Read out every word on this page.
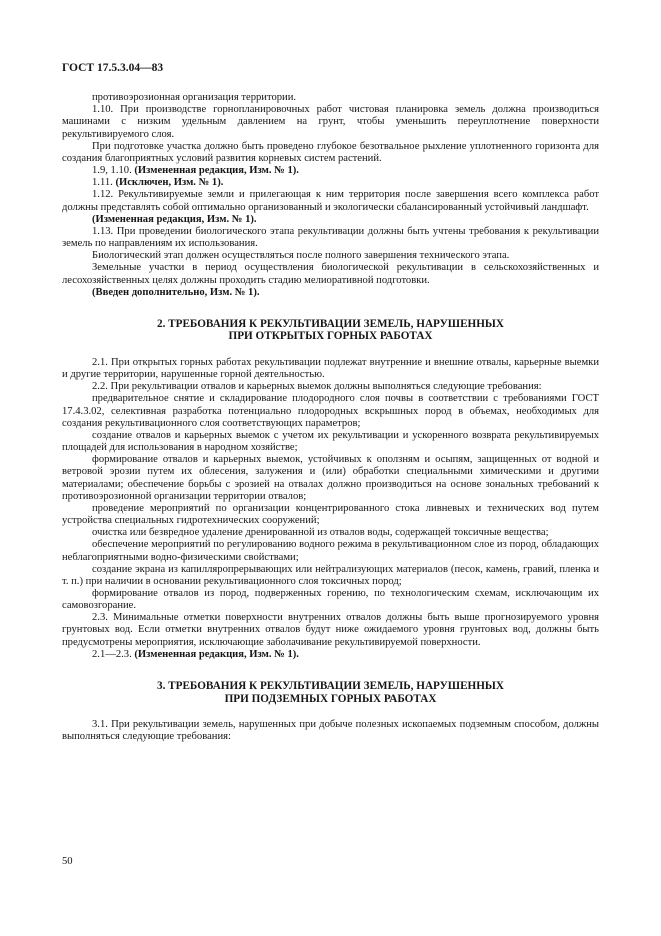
ГОСТ 17.5.3.04—83

противоэрозионная организация территории.

1.10. При производстве горнопланировочных работ чистовая планировка земель должна производиться машинами с низким удельным давлением на грунт, чтобы уменьшить переуплотнение поверхности рекультивируемого слоя.

При подготовке участка должно быть проведено глубокое безотвальное рыхление уплотненного горизонта для создания благоприятных условий развития корневых систем растений.

1.9, 1.10. (Измененная редакция, Изм. № 1).

1.11. (Исключен, Изм. № 1).

1.12. Рекультивируемые земли и прилегающая к ним территория после завершения всего комплекса работ должны представлять собой оптимально организованный и экологически сбалансированный устойчивый ландшафт.

(Измененная редакция, Изм. № 1).

1.13. При проведении биологического этапа рекультивации должны быть учтены требования к рекультивации земель по направлениям их использования.

Биологический этап должен осуществляться после полного завершения технического этапа.

Земельные участки в период осуществления биологической рекультивации в сельскохозяйственных и лесохозяйственных целях должны проходить стадию мелиоративной подготовки.

(Введен дополнительно, Изм. № 1).

2. ТРЕБОВАНИЯ К РЕКУЛЬТИВАЦИИ ЗЕМЕЛЬ, НАРУШЕННЫХ
ПРИ ОТКРЫТЫХ ГОРНЫХ РАБОТАХ

2.1. При открытых горных работах рекультивации подлежат внутренние и внешние отвалы, карьерные выемки и другие территории, нарушенные горной деятельностью.

2.2. При рекультивации отвалов и карьерных выемок должны выполняться следующие требования:

предварительное снятие и складирование плодородного слоя почвы в соответствии с требованиями ГОСТ 17.4.3.02, селективная разработка потенциально плодородных вскрышных пород в объемах, необходимых для создания рекультивационного слоя соответствующих параметров;

создание отвалов и карьерных выемок с учетом их рекультивации и ускоренного возврата рекультивируемых площадей для использования в народном хозяйстве;

формирование отвалов и карьерных выемок, устойчивых к оползням и осыпям, защищенных от водной и ветровой эрозии путем их облесения, залужения и (или) обработки специальными химическими и другими материалами; обеспечение борьбы с эрозией на отвалах должно производиться на основе зональных требований к противоэрозионной организации территории отвалов;

проведение мероприятий по организации концентрированного стока ливневых и технических вод путем устройства специальных гидротехнических сооружений;

очистка или безвредное удаление дренированной из отвалов воды, содержащей токсичные вещества;

обеспечение мероприятий по регулированию водного режима в рекультивационном слое из пород, обладающих неблагоприятными водно-физическими свойствами;

создание экрана из капилляропрерывающих или нейтрализующих материалов (песок, камень, гравий, пленка и т. п.) при наличии в основании рекультивационного слоя токсичных пород;

формирование отвалов из пород, подверженных горению, по технологическим схемам, исключающим их самовозгорание.

2.3. Минимальные отметки поверхности внутренних отвалов должны быть выше прогнозируемого уровня грунтовых вод. Если отметки внутренних отвалов будут ниже ожидаемого уровня грунтовых вод, должны быть предусмотрены мероприятия, исключающие заболачивание рекультивируемой поверхности.

2.1—2.3. (Измененная редакция, Изм. № 1).

3. ТРЕБОВАНИЯ К РЕКУЛЬТИВАЦИИ ЗЕМЕЛЬ, НАРУШЕННЫХ
ПРИ ПОДЗЕМНЫХ ГОРНЫХ РАБОТАХ

3.1. При рекультивации земель, нарушенных при добыче полезных ископаемых подземным способом, должны выполняться следующие требования:

50
